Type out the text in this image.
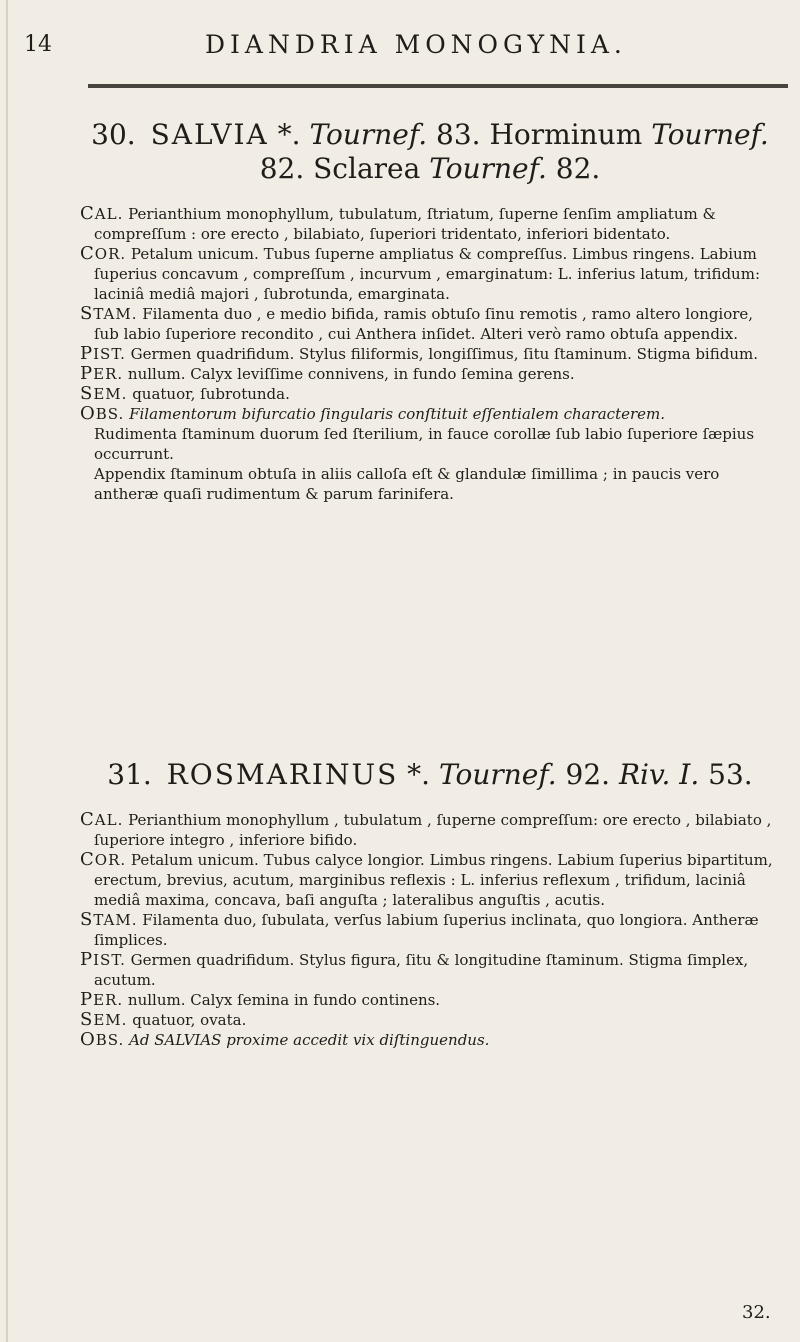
14	DIANDRIA MONOGYNIA.

30. SALVIA *. Tournef. 83. Horminum Tournef. 82. Sclarea Tournef. 82.

CAL. Perianthium monophyllum, tubulatum, ſtriatum, ſuperne ſenſim ampliatum & compreſſum : ore erecto , bilabiato, ſuperiori tridentato, inferiori bidentato.

COR. Petalum unicum. Tubus ſuperne ampliatus & compreſſus. Limbus ringens. Labium ſuperius concavum , compreſſum , incurvum , emarginatum: L. inferius latum, trifidum: laciniâ mediâ majori , ſubrotunda, emarginata.

STAM. Filamenta duo , e medio bifida, ramis obtuſo ſinu remotis , ramo altero longiore, ſub labio ſuperiore recondito , cui Anthera inſidet. Alteri verò ramo obtuſa appendix.

PIST. Germen quadrifidum. Stylus filiformis, longiſſimus, ſitu ſtaminum. Stigma bifidum.

PER. nullum. Calyx leviſſime connivens, in fundo ſemina gerens.

SEM. quatuor, ſubrotunda.

OBS. Filamentorum bifurcatio ſingularis conſtituit eſſentialem characterem.

Rudimenta ſtaminum duorum ſed ſterilium, in fauce corollæ ſub labio ſuperiore ſæpius occurrunt.

Appendix ſtaminum obtuſa in aliis calloſa eſt & glandulæ ſimillima ; in paucis vero antheræ quaſi rudimentum & parum farinifera.

31. ROSMARINUS *. Tournef. 92. Riv. I. 53.

CAL. Perianthium monophyllum , tubulatum , ſuperne compreſſum: ore erecto , bilabiato , ſuperiore integro , inferiore bifido.

COR. Petalum unicum. Tubus calyce longior. Limbus ringens. Labium ſuperius bipartitum, erectum, brevius, acutum, marginibus reflexis : L. inferius reflexum , trifidum, laciniâ mediâ maxima, concava, baſi anguſta ; lateralibus anguſtis , acutis.

STAM. Filamenta duo, ſubulata, verſus labium ſuperius inclinata, quo longiora. Antheræ ſimplices.

PIST. Germen quadrifidum. Stylus figura, ſitu & longitudine ſtaminum. Stigma ſimplex, acutum.

PER. nullum. Calyx ſemina in fundo continens.

SEM. quatuor, ovata.

OBS. Ad SALVIAS proxime accedit vix diſtinguendus.

32.
